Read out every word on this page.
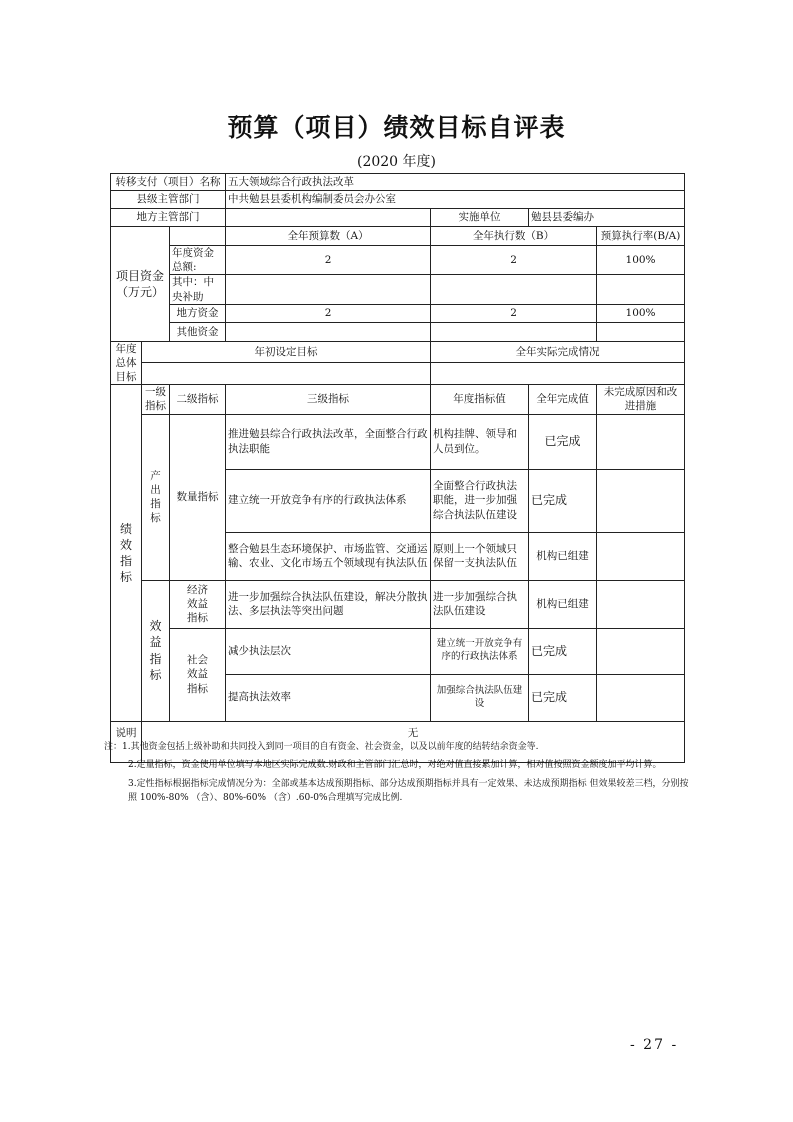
预算（项目）绩效目标自评表
(2020 年度)
转移支付（项目）名称			五大领域综合行政执法改革			
县级主管部门			中共勉县县委机构编制委员会办公室			
地方主管部门				实施单位	勉县县委编办	
项目资金 （万元）			全年预算数（A）	全年执行数（B）		预算执行率(B/A)
		年度资金总额:	2	2		100%
		其中：中央补助				
		地方资金	2	2		100%
		其他资金				
年度总体目标	年初设定目标			全年实际完成情况		

绩效指标	一级指标	二级指标	三级指标	年度指标值	全年完成值	未完成原因和改进措施
	产出指标	数量指标	推进勉县综合行政执法改革，全面整合行政执法职能	机构挂牌、领导和人员到位。	已完成	
			建立统一开放竞争有序的行政执法体系	全面整合行政执法职能，进一步加强综合执法队伍建设	已完成	
			整合勉县生态环境保护、市场监管、交通运输、农业、文化市场五个领域现有执法队伍	原则上一个领域只保留一支执法队伍	机构已组建	
	效益指标	经济效益指标	进一步加强综合执法队伍建设，解决分散执法、多层执法等突出问题	进一步加强综合执法队伍建设	机构已组建	
		社会效益指标	减少执法层次	建立统一开放竞争有序的行政执法体系	已完成	
			提高执法效率	加强综合执法队伍建设	已完成	
说明	无					

注：1.其他资金包括上级补助和共同投入到同一项目的自有资金、社会资金，以及以前年度的结转结余资金等.

2.定量指标，资金使用单位填写本地区实际完成数.财政和主管部门汇总时，对绝对值直接累加计算，相对值按照资金额度加平均计算。

3.定性指标根据指标完成情况分为：全部或基本达成预期指标、部分达成预期指标并具有一定效果、未达成预期指标 但效果较差三档，分别按照 100%-80% （含）、80%-60% （含）.60-0%合理填写完成比例.

- 27 -
